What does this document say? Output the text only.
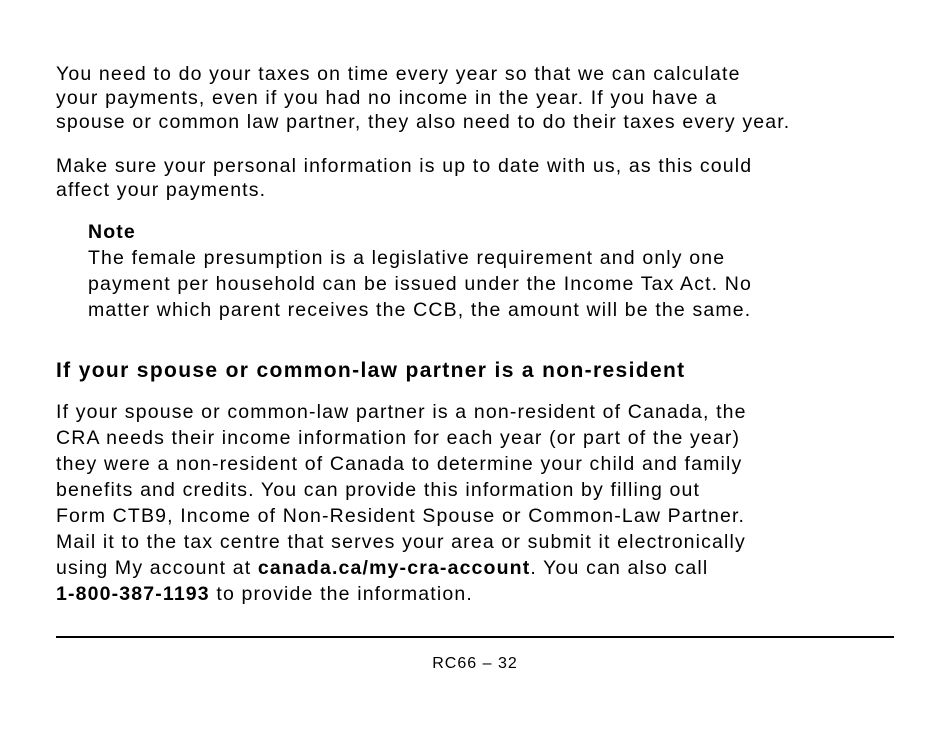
You need to do your taxes on time every year so that we can calculate
your payments, even if you had no income in the year. If you have a
spouse or common law partner, they also need to do their taxes every year.
Make sure your personal information is up to date with us, as this could
affect your payments.
Note
The female presumption is a legislative requirement and only one
payment per household can be issued under the Income Tax Act. No
matter which parent receives the CCB, the amount will be the same.
If your spouse or common-law partner is a non-resident
If your spouse or common-law partner is a non-resident of Canada, the
CRA needs their income information for each year (or part of the year)
they were a non-resident of Canada to determine your child and family
benefits and credits. You can provide this information by filling out
Form CTB9, Income of Non-Resident Spouse or Common-Law Partner.
Mail it to the tax centre that serves your area or submit it electronically
using My account at canada.ca/my-cra-account. You can also call
1-800-387-1193 to provide the information.
RC66 – 32
